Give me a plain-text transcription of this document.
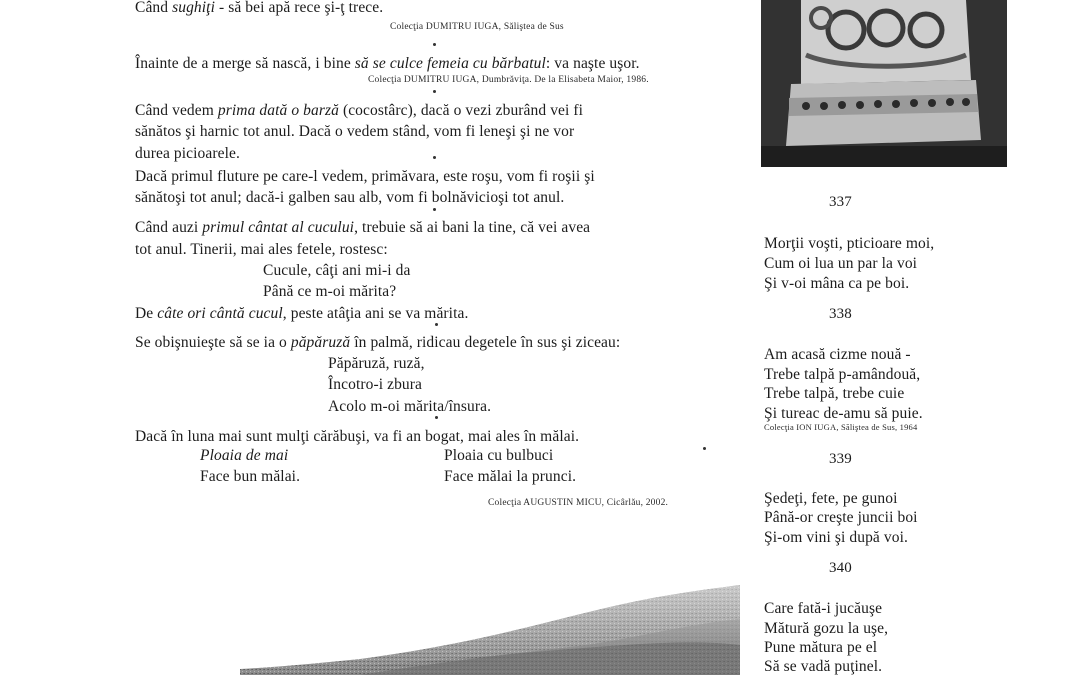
Când sughiţi - să bei apă rece şi-ţ trece.
Colecţia DUMITRU IUGA, Săliştea de Sus
Înainte de a merge să nască, i bine să se culce femeia cu bărbatul: va naşte uşor.
Colecţia DUMITRU IUGA, Dumbrăviţa. De la Elisabeta Maior, 1986.
Când vedem prima dată o barză (cocostârc), dacă o vezi zburând vei fi
sănătos şi harnic tot anul. Dacă o vedem stând, vom fi leneşi şi ne vor
durea picioarele.
Dacă primul fluture pe care-l vedem, primăvara, este roşu, vom fi roşii şi
sănătoşi tot anul; dacă-i galben sau alb, vom fi bolnăvicioşi tot anul.
Când auzi primul cântat al cucului, trebuie să ai bani la tine, că vei avea
tot anul. Tinerii, mai ales fetele, rostesc:
Cucule, câţi ani mi-i da
Până ce m-oi mărita?
De câte ori cântă cucul, peste atâţia ani se va mărita.
Se obişnuieşte să se ia o păpăruză în palmă, ridicau degetele în sus şi ziceau:
Păpăruză, ruză,
Încotro-i zbura
Acolo m-oi mărita/însura.
Dacă în luna mai sunt mulţi cărăbuşi, va fi an bogat, mai ales în mălai.
Ploaia de mai
Face bun mălai.
Ploaia cu bulbuci
Face mălai la prunci.
Colecţia AUGUSTIN MICU, Cicârlău, 2002.
337
Morţii voşti, pticioare moi,
Cum oi lua un par la voi
Şi v-oi mâna ca pe boi.
338
Am acasă cizme nouă -
Trebe talpă p-amândouă,
Trebe talpă, trebe cuie
Şi tureac de-amu să puie.
Colecţia ION IUGA, Săliştea de Sus, 1964
339
Şedeţi, fete, pe gunoi
Până-or creşte juncii boi
Şi-om vini şi după voi.
340
Care fată-i jucăuşe
Mătură gozu la uşe,
Pune mătura pe el
Să se vadă puţinel.
